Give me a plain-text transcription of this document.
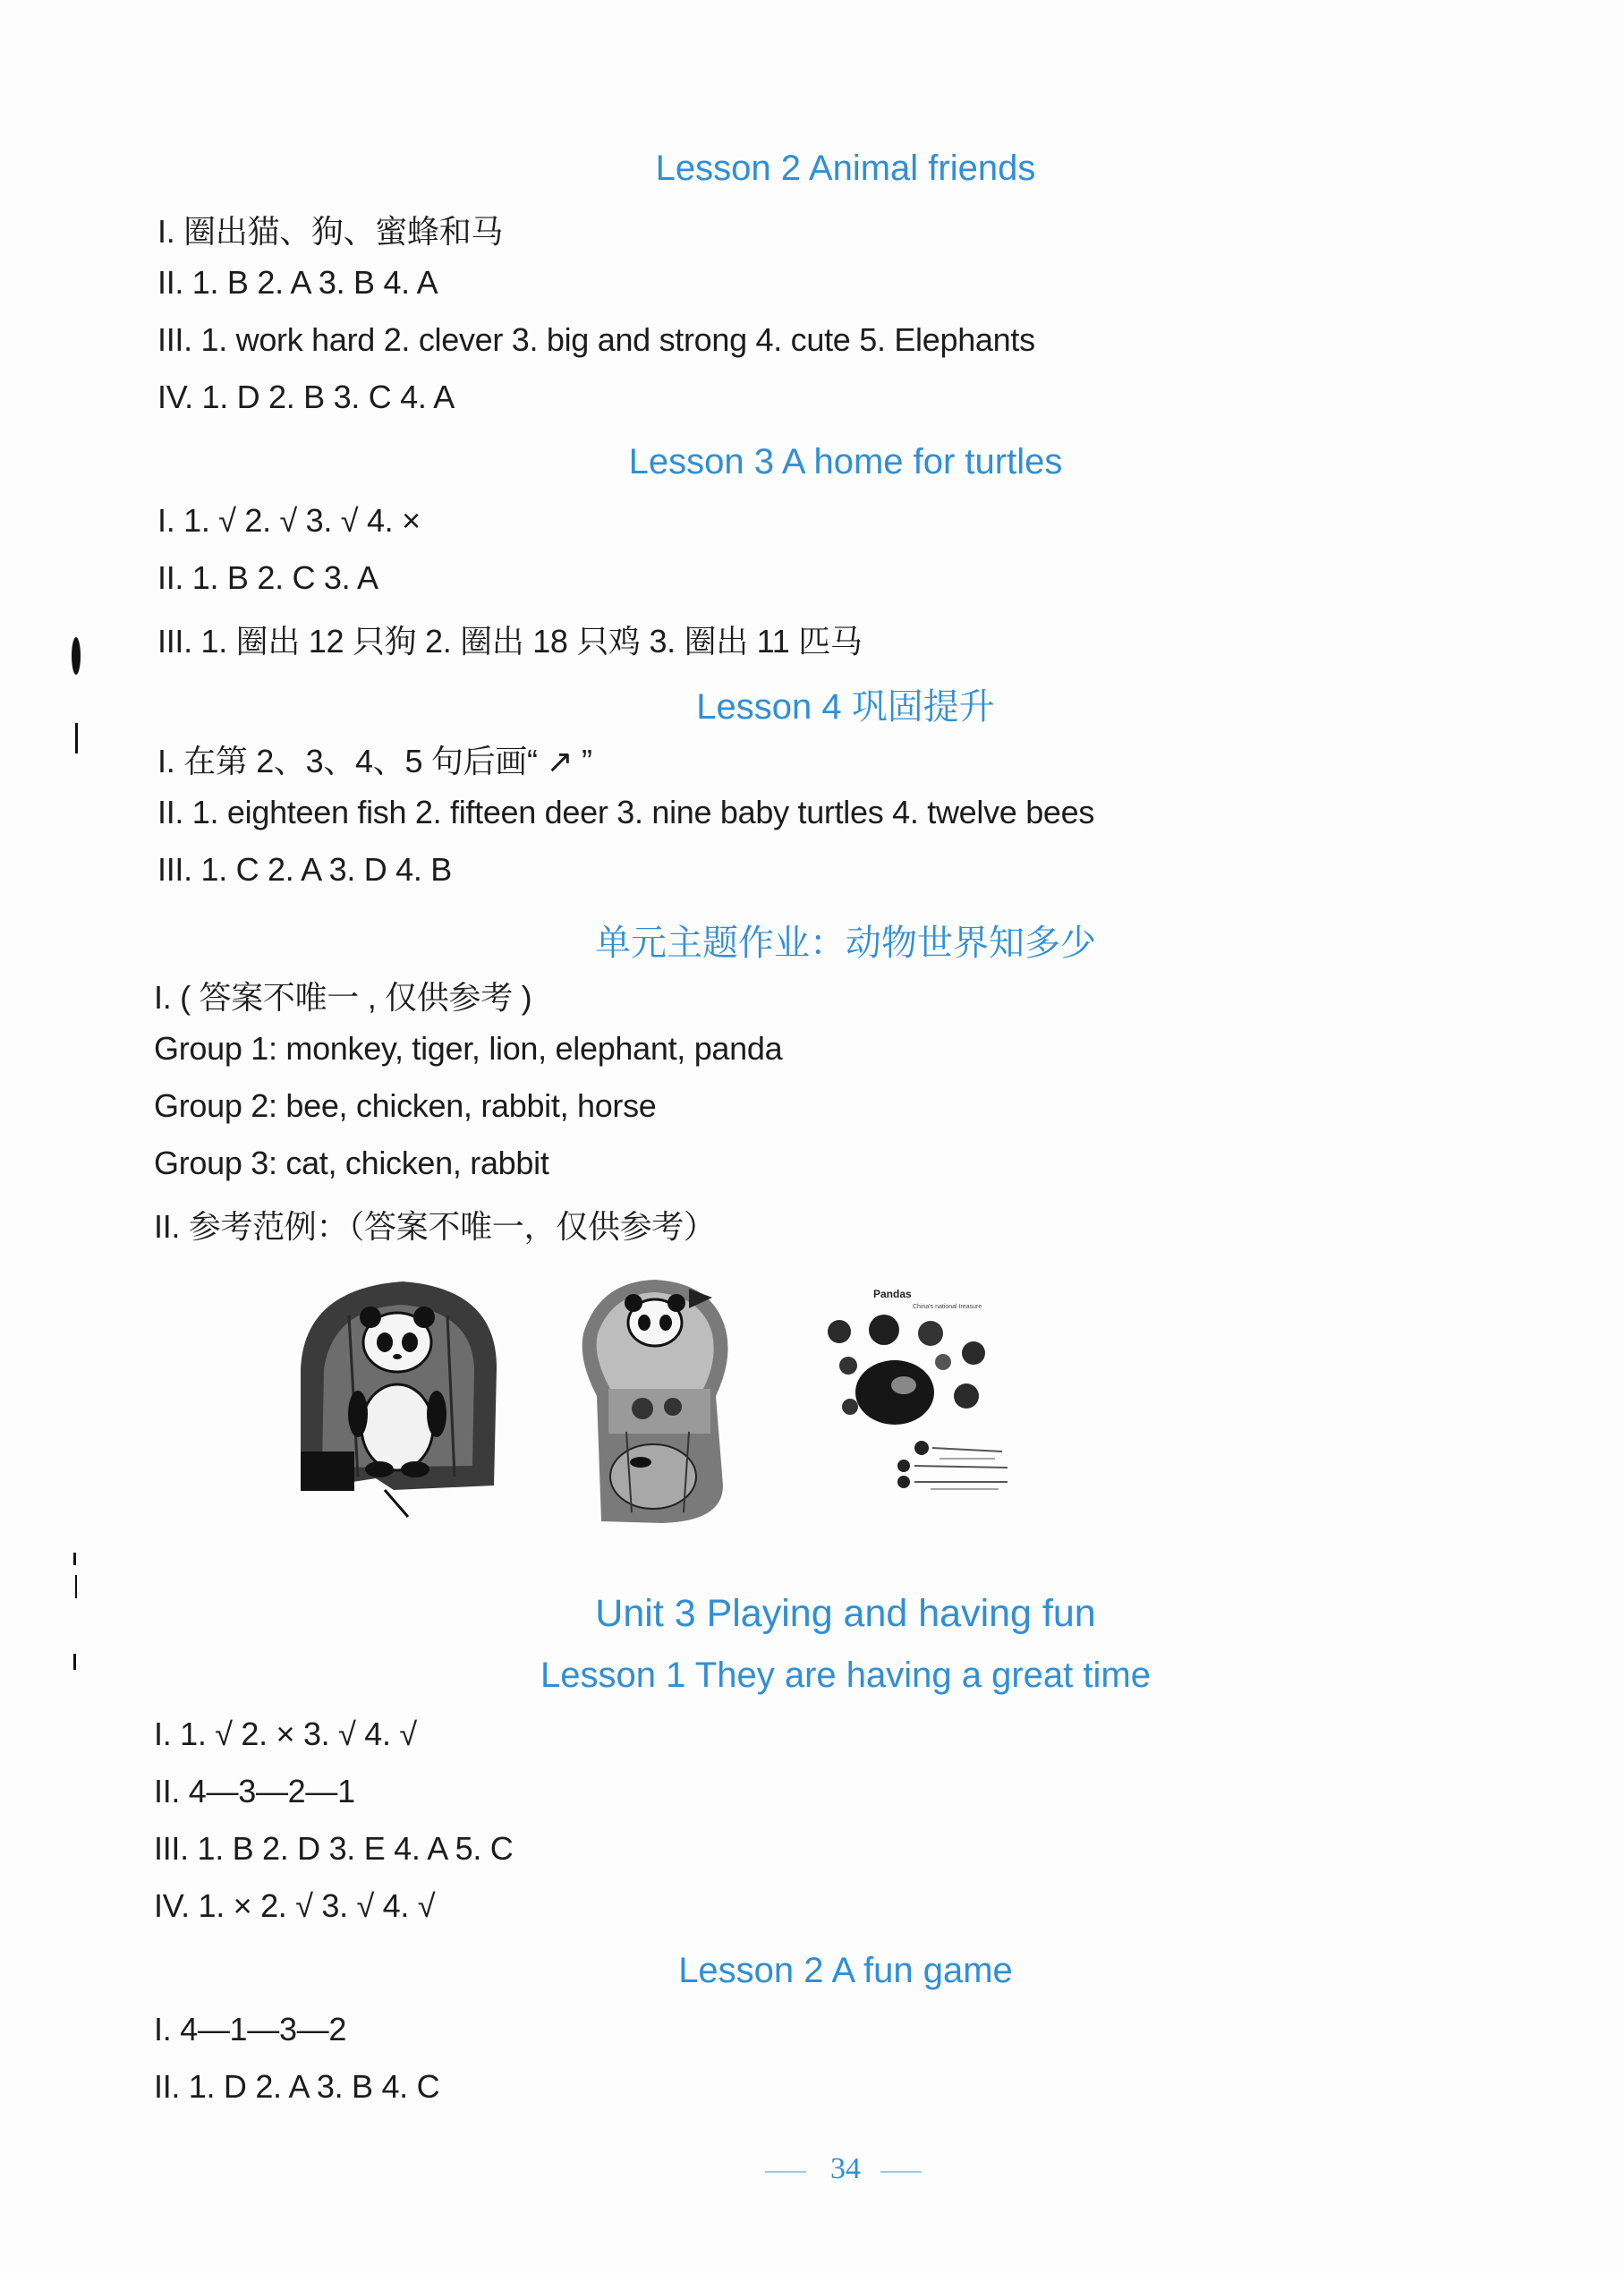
Lesson 2 Animal friends
I. 圈出猫、狗、蜜蜂和马
II. 1. B 2. A 3. B 4. A
III. 1. work hard 2. clever 3. big and strong 4. cute 5. Elephants
IV. 1. D 2. B 3. C 4. A
Lesson 3 A home for turtles
I. 1. √ 2. √ 3. √ 4. ×
II. 1. B 2. C 3. A
III. 1. 圈出 12 只狗 2. 圈出 18 只鸡 3. 圈出 11 匹马
Lesson 4 巩固提升
I. 在第 2、3、4、5 句后画“ ↗ ”
II. 1. eighteen fish 2. fifteen deer 3. nine baby turtles 4. twelve bees
III. 1. C 2. A 3. D 4. B
单元主题作业：动物世界知多少
I. ( 答案不唯一 , 仅供参考 )
Group 1: monkey, tiger, lion, elephant, panda
Group 2: bee, chicken, rabbit, horse
Group 3: cat, chicken, rabbit
II. 参考范例：（答案不唯一，仅供参考）
Pandas
China's national treasure
Unit 3 Playing and having fun
Lesson 1 They are having a great time
I. 1. √ 2. × 3. √ 4. √
II. 4—3—2—1
III. 1. B 2. D 3. E 4. A 5. C
IV. 1. × 2. √ 3. √ 4. √
Lesson 2 A fun game
I. 4—1—3—2
II. 1. D 2. A 3. B 4. C
34
